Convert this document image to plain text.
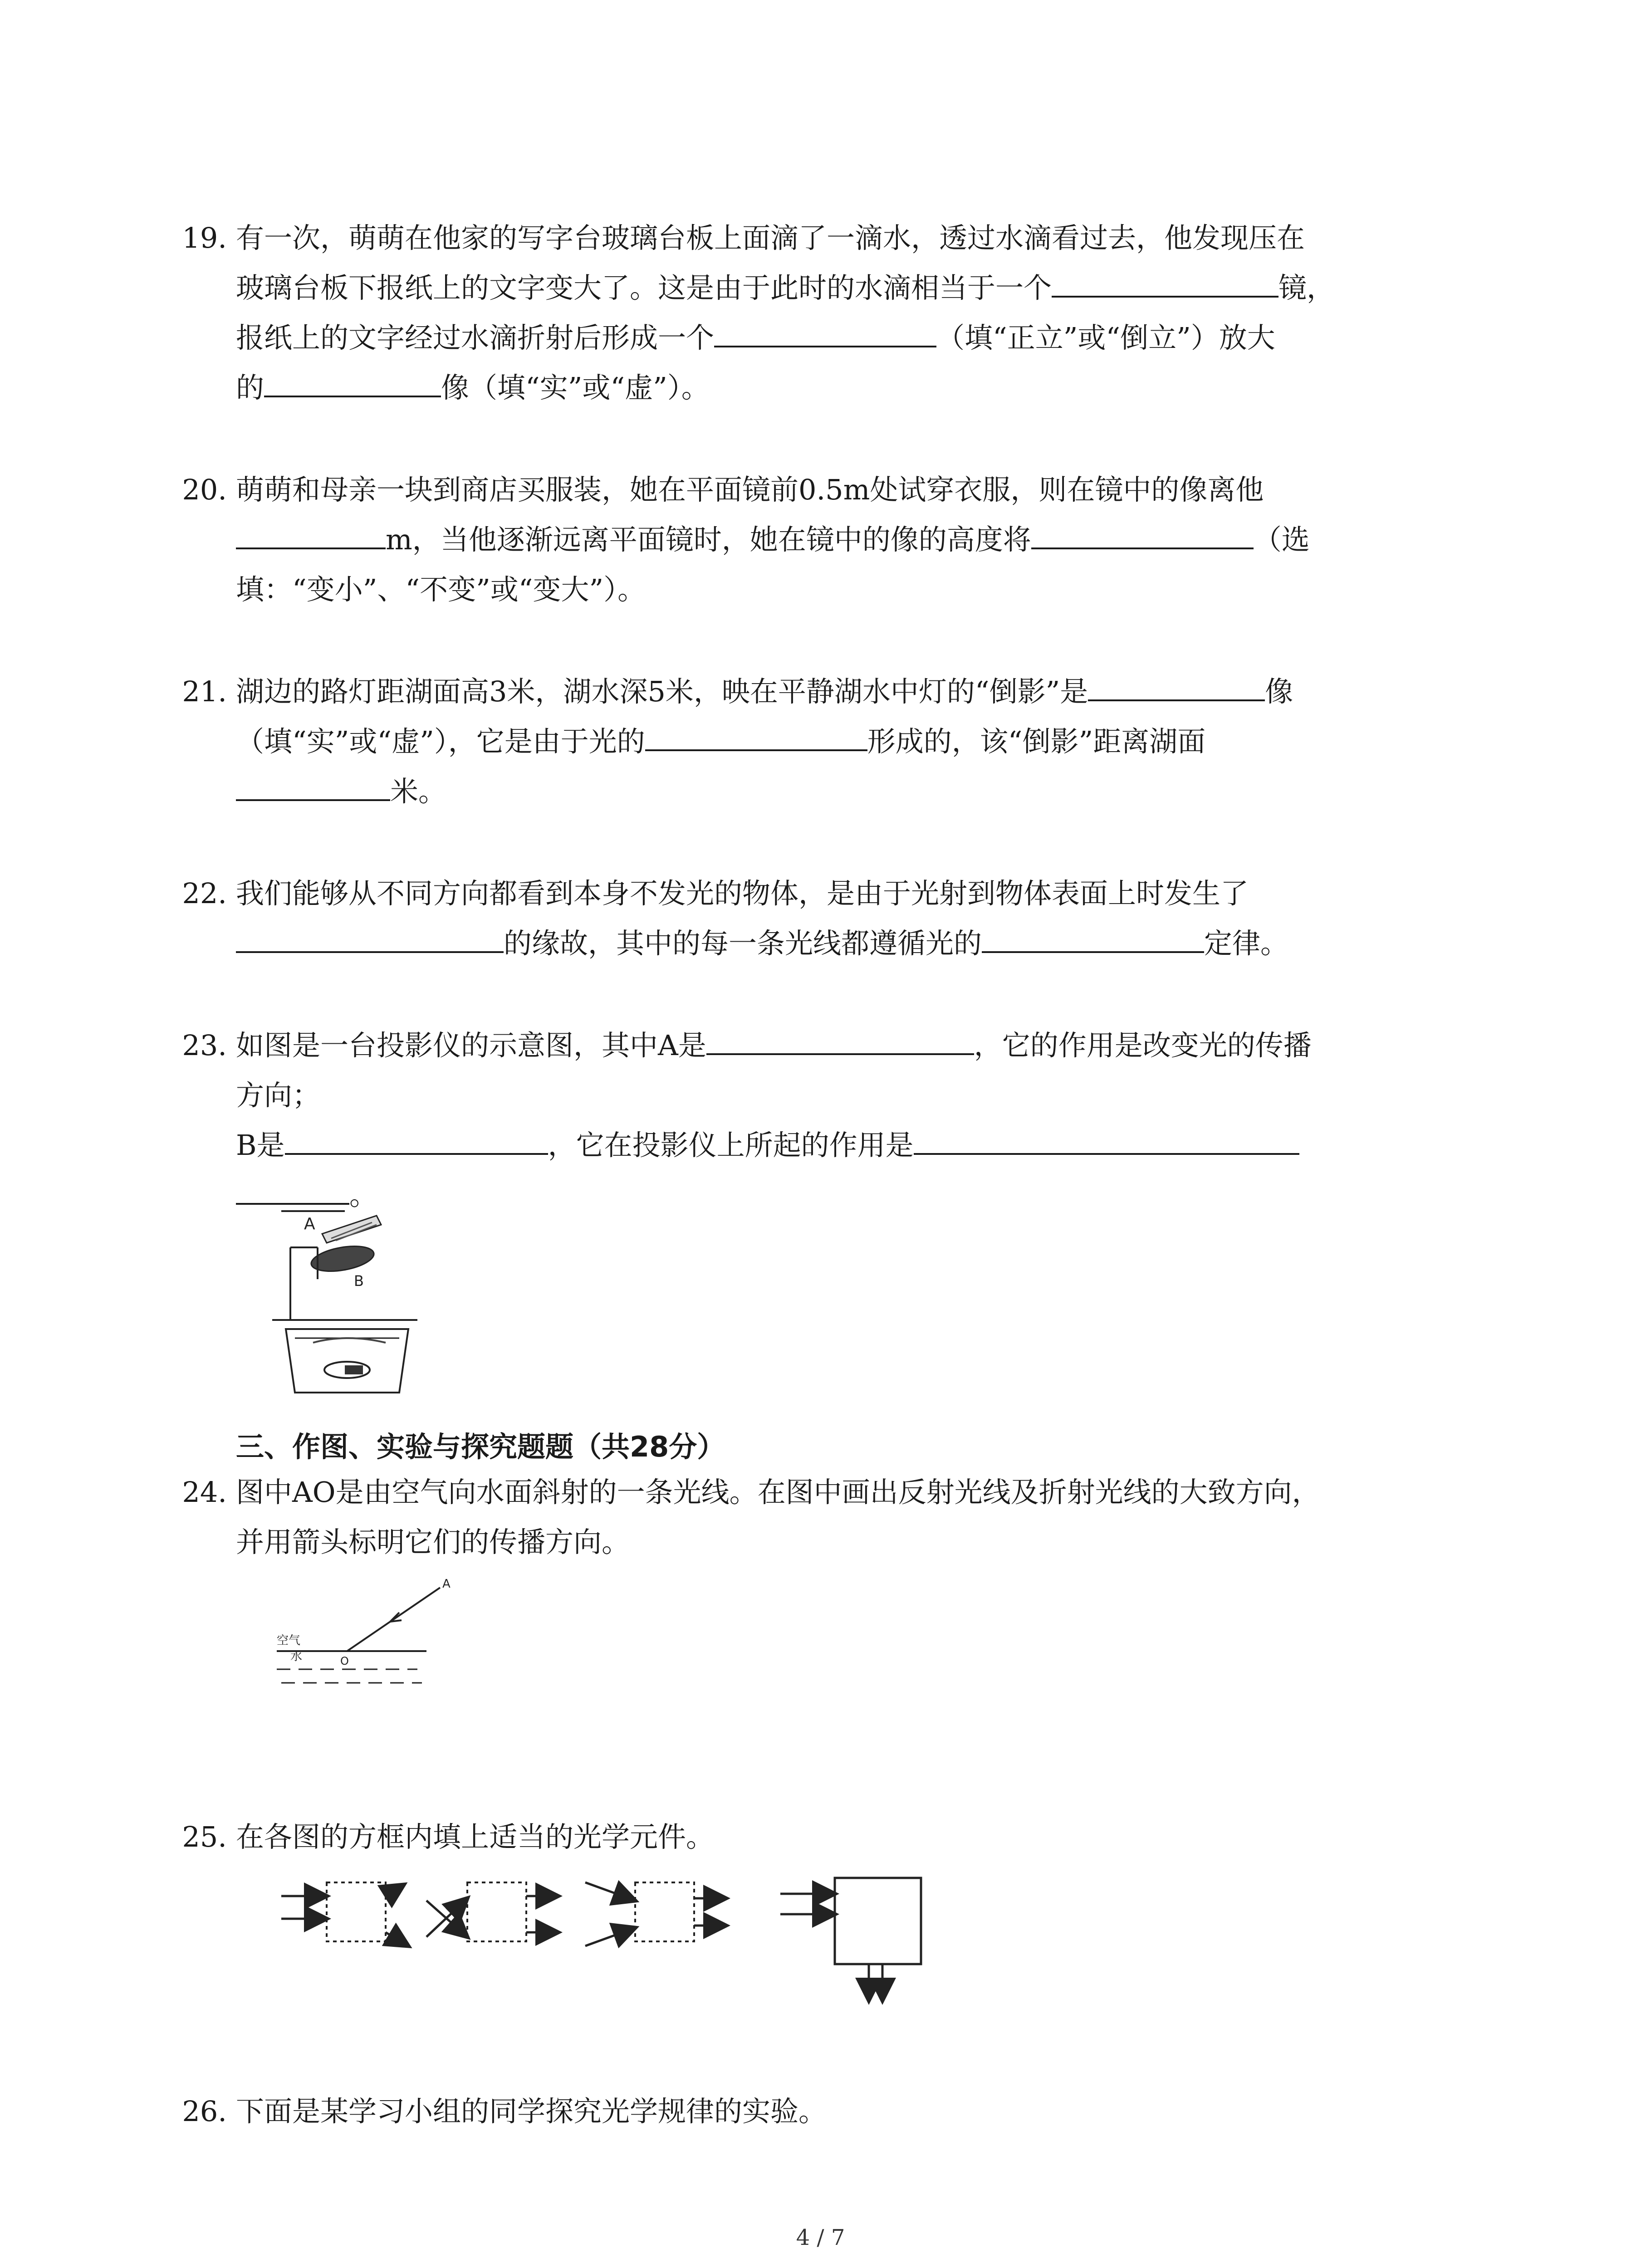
19. 有一次，萌萌在他家的写字台玻璃台板上面滴了一滴水，透过水滴看过去，他发现压在
玻璃台板下报纸上的文字变大了。这是由于此时的水滴相当于一个	镜，
报纸上的文字经过水滴折射后形成一个	（填“正立”或“倒立”）放大
的	像（填“实”或“虚”）。
20. 萌萌和母亲一块到商店买服装，她在平面镜前0.5m处试穿衣服，则在镜中的像离他
m，当他逐渐远离平面镜时，她在镜中的像的高度将	（选
填：“变小”、“不变”或“变大”）。
21. 湖边的路灯距湖面高3米，湖水深5米，映在平静湖水中灯的“倒影”是	像
（填“实”或“虚”），它是由于光的	形成的，该“倒影”距离湖面
米。
22. 我们能够从不同方向都看到本身不发光的物体，是由于光射到物体表面上时发生了
的缘故，其中的每一条光线都遵循光的	定律。
23. 如图是一台投影仪的示意图，其中A是	，它的作用是改变光的传播
方向；
B是	，它在投影仪上所起的作用是
。
A
B
三、作图、实验与探究题题（共28分）
24. 图中AO是由空气向水面斜射的一条光线。在图中画出反射光线及折射光线的大致方向，
并用箭头标明它们的传播方向。
空气
水
A
O
25. 在各图的方框内填上适当的光学元件。
26. 下面是某学习小组的同学探究光学规律的实验。
4 / 7
